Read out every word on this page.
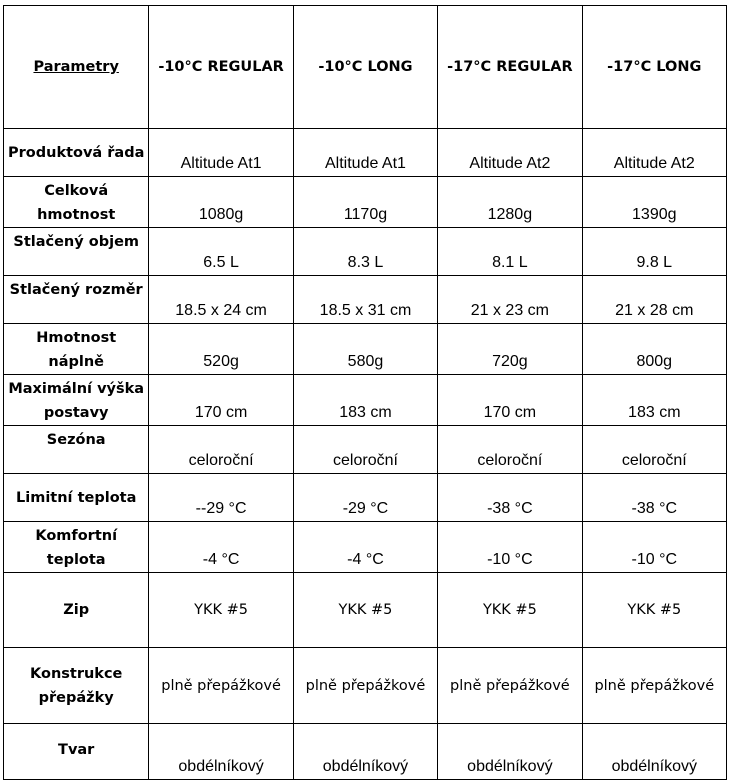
Parametry	-10°C REGULAR	-10°C LONG	-17°C REGULAR	-17°C LONG
Produktová řada	Altitude At1	Altitude At1	Altitude At2	Altitude At2
Celková hmotnost	1080g	1170g	1280g	1390g
Stlačený objem	6.5 L	8.3 L	8.1 L	9.8 L
Stlačený rozměr	18.5 x 24 cm	18.5 x 31 cm	21 x 23 cm	21 x 28 cm
Hmotnost náplně	520g	580g	720g	800g
Maximální výška postavy	170 cm	183 cm	170 cm	183 cm
Sezóna	celoroční	celoroční	celoroční	celoroční
Limitní teplota	--29 °C	-29 °C	-38 °C	-38 °C
Komfortní teplota	-4 °C	-4 °C	-10 °C	-10 °C
Zip	YKK #5	YKK #5	YKK #5	YKK #5
Konstrukce přepážky	plně přepážkové	plně přepážkové	plně přepážkové	plně přepážkové
Tvar	obdélníkový	obdélníkový	obdélníkový	obdélníkový
